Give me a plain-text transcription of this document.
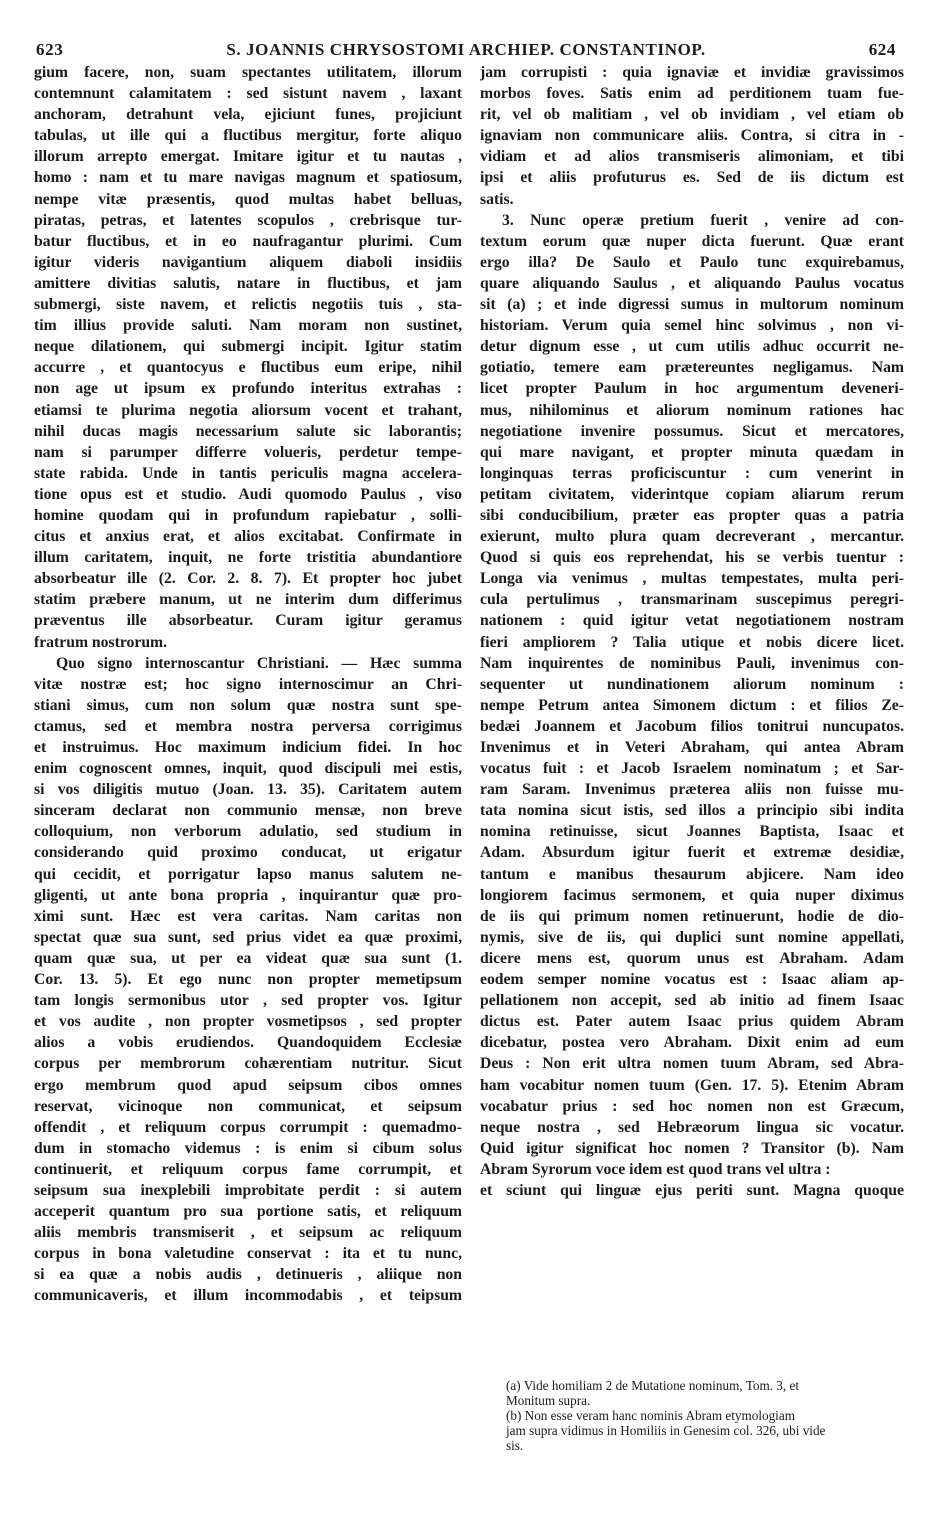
623	S. JOANNIS CHRYSOSTOMI ARCHIEP. CONSTANTINOP.	624

gium facere, non, suam spectantes utilitatem, illorum

contemnunt calamitatem : sed sistunt navem , laxant

anchoram, detrahunt vela, ejiciunt funes, projiciunt

tabulas, ut ille qui a fluctibus mergitur, forte aliquo

illorum arrepto emergat. Imitare igitur et tu nautas ,

homo : nam et tu mare navigas magnum et spatiosum,

nempe vitæ præsentis, quod multas habet belluas,

piratas, petras, et latentes scopulos , crebrisque tur-

batur fluctibus, et in eo naufragantur plurimi. Cum

igitur videris navigantium aliquem diaboli insidiis

amittere divitias salutis, natare in fluctibus, et jam

submergi, siste navem, et relictis negotiis tuis , sta-

tim illius provide saluti. Nam moram non sustinet,

neque dilationem, qui submergi incipit. Igitur statim

accurre , et quantocyus e fluctibus eum eripe, nihil

non age ut ipsum ex profundo interitus extrahas :

etiamsi te plurima negotia aliorsum vocent et trahant,

nihil ducas magis necessarium salute sic laborantis;

nam si parumper differre volueris, perdetur tempe-

state rabida. Unde in tantis periculis magna accelera-

tione opus est et studio. Audi quomodo Paulus , viso

homine quodam qui in profundum rapiebatur , solli-

citus et anxius erat, et alios excitabat. Confirmate in

illum caritatem, inquit, ne forte tristitia abundantiore

absorbeatur ille (2. Cor. 2. 8. 7). Et propter hoc jubet

statim præbere manum, ut ne interim dum differimus

præventus ille absorbeatur. Curam igitur geramus

fratrum nostrorum.

Quo signo internoscantur Christiani. — Hæc summa

vitæ nostræ est; hoc signo internoscimur an Chri-

stiani simus, cum non solum quæ nostra sunt spe-

ctamus, sed et membra nostra perversa corrigimus

et instruimus. Hoc maximum indicium fidei. In hoc

enim cognoscent omnes, inquit, quod discipuli mei estis,

si vos diligitis mutuo (Joan. 13. 35). Caritatem autem

sinceram declarat non communio mensæ, non breve

colloquium, non verborum adulatio, sed studium in

considerando quid proximo conducat, ut erigatur

qui cecidit, et porrigatur lapso manus salutem ne-

gligenti, ut ante bona propria , inquirantur quæ pro-

ximi sunt. Hæc est vera caritas. Nam caritas non

spectat quæ sua sunt, sed prius videt ea quæ proximi,

quam quæ sua, ut per ea videat quæ sua sunt (1.

Cor. 13. 5). Et ego nunc non propter memetipsum

tam longis sermonibus utor , sed propter vos. Igitur

et vos audite , non propter vosmetipsos , sed propter

alios a vobis erudiendos. Quandoquidem Ecclesiæ

corpus per membrorum cohærentiam nutritur. Sicut

ergo membrum quod apud seipsum cibos omnes

reservat, vicinoque non communicat, et seipsum

offendit , et reliquum corpus corrumpit : quemadmo-

dum in stomacho videmus : is enim si cibum solus

continuerit, et reliquum corpus fame corrumpit, et

seipsum sua inexplebili improbitate perdit : si autem

acceperit quantum pro sua portione satis, et reliquum

aliis membris transmiserit , et seipsum ac reliquum

corpus in bona valetudine conservat : ita et tu nunc,

si ea quæ a nobis audis , detinueris , aliique non

communicaveris, et illum incommodabis , et teipsum

jam corrupisti : quia ignaviæ et invidiæ gravissimos

morbos foves. Satis enim ad perditionem tuam fue-

rit, vel ob malitiam , vel ob invidiam , vel etiam ob

ignaviam non communicare aliis. Contra, si citra in -

vidiam et ad alios transmiseris alimoniam, et tibi

ipsi et aliis profuturus es. Sed de iis dictum est

satis.

3. Nunc operæ pretium fuerit , venire ad con-

textum eorum quæ nuper dicta fuerunt. Quæ erant

ergo illa? De Saulo et Paulo tunc exquirebamus,

quare aliquando Saulus , et aliquando Paulus vocatus

sit (a) ; et inde digressi sumus in multorum nominum

historiam. Verum quia semel hinc solvimus , non vi-

detur dignum esse , ut cum utilis adhuc occurrit ne-

gotiatio, temere eam prætereuntes negligamus. Nam

licet propter Paulum in hoc argumentum deveneri-

mus, nihilominus et aliorum nominum rationes hac

negotiatione invenire possumus. Sicut et mercatores,

qui mare navigant, et propter minuta quædam in

longinquas terras proficiscuntur : cum venerint in

petitam civitatem, viderintque copiam aliarum rerum

sibi conducibilium, præter eas propter quas a patria

exierunt, multo plura quam decreverant , mercantur.

Quod si quis eos reprehendat, his se verbis tuentur :

Longa via venimus , multas tempestates, multa peri-

cula pertulimus , transmarinam suscepimus peregri-

nationem : quid igitur vetat negotiationem nostram

fieri ampliorem ? Talia utique et nobis dicere licet.

Nam inquirentes de nominibus Pauli, invenimus con-

sequenter ut nundinationem aliorum nominum :

nempe Petrum antea Simonem dictum : et filios Ze-

bedæi Joannem et Jacobum filios tonitrui nuncupatos.

Invenimus et in Veteri Abraham, qui antea Abram

vocatus fuit : et Jacob Israelem nominatum ; et Sar-

ram Saram. Invenimus præterea aliis non fuisse mu-

tata nomina sicut istis, sed illos a principio sibi indita

nomina retinuisse, sicut Joannes Baptista, Isaac et

Adam. Absurdum igitur fuerit et extremæ desidiæ,

tantum e manibus thesaurum abjicere. Nam ideo

longiorem facimus sermonem, et quia nuper diximus

de iis qui primum nomen retinuerunt, hodie de dio-

nymis, sive de iis, qui duplici sunt nomine appellati,

dicere mens est, quorum unus est Abraham. Adam

eodem semper nomine vocatus est : Isaac aliam ap-

pellationem non accepit, sed ab initio ad finem Isaac

dictus est. Pater autem Isaac prius quidem Abram

dicebatur, postea vero Abraham. Dixit enim ad eum

Deus : Non erit ultra nomen tuum Abram, sed Abra-

ham vocabitur nomen tuum (Gen. 17. 5). Etenim Abram

vocabatur prius : sed hoc nomen non est Græcum,

neque nostra , sed Hebræorum lingua sic vocatur.

Quid igitur significat hoc nomen ? Transitor (b). Nam

Abram Syrorum voce idem est quod trans vel ultra :

et sciunt qui linguæ ejus periti sunt. Magna quoque

(a) Vide homiliam 2 de Mutatione nominum, Tom. 3, et

Monitum supra.

(b) Non esse veram hanc nominis Abram etymologiam

jam supra vidimus in Homiliis in Genesim col. 326, ubi vide

sis.
